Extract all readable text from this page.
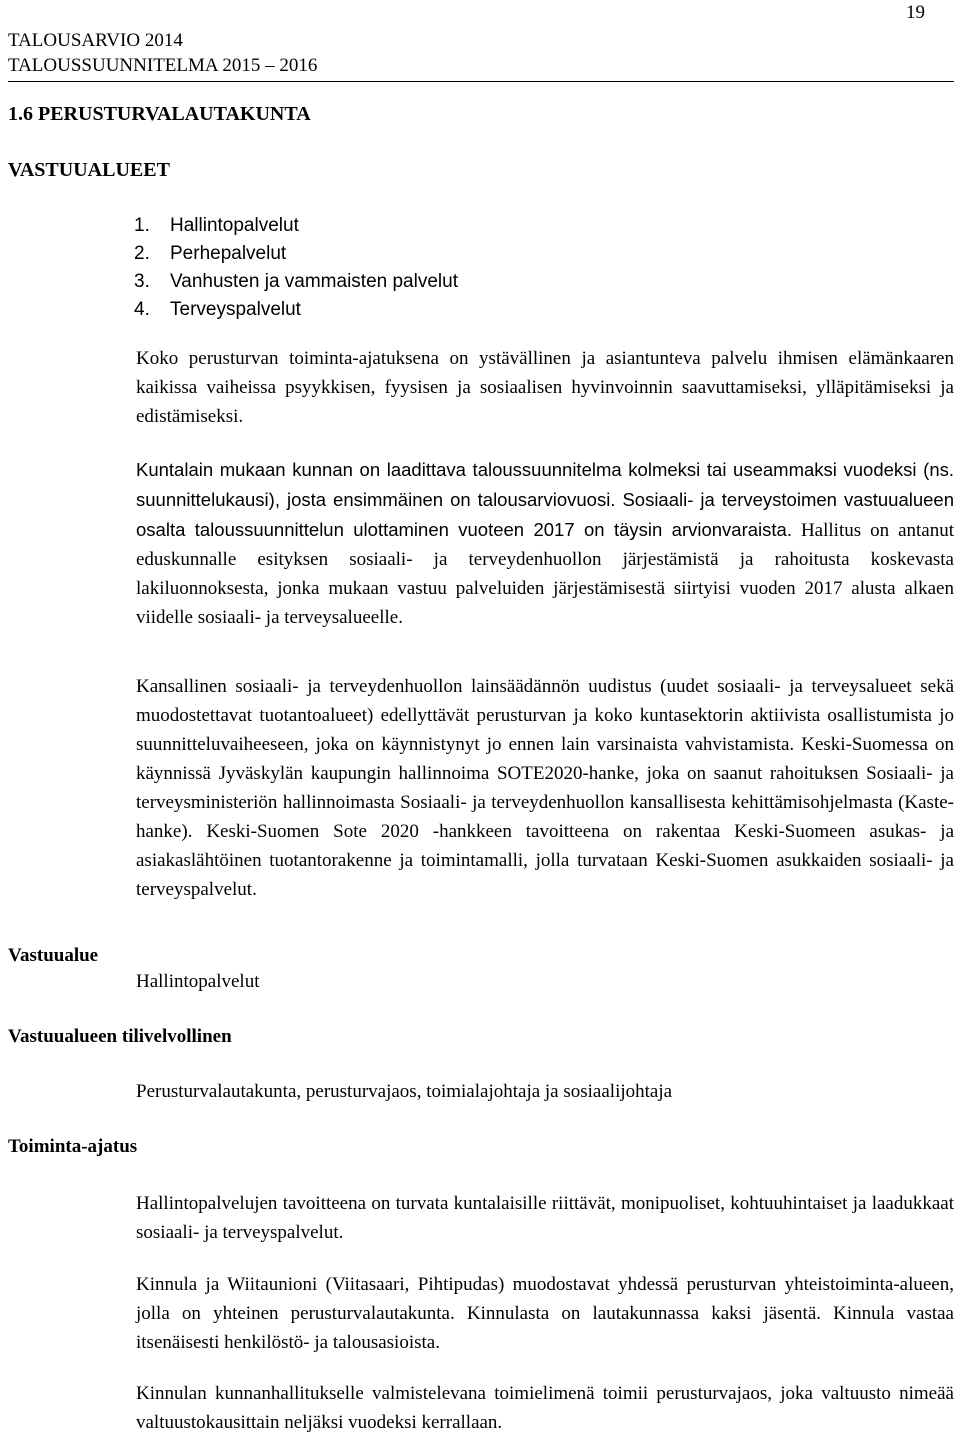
19
TALOUSARVIO 2014
TALOUSSUUNNITELMA 2015 – 2016
1.6 PERUSTURVALAUTAKUNTA
VASTUUALUEET
1. Hallintopalvelut
2. Perhepalvelut
3. Vanhusten ja vammaisten palvelut
4. Terveyspalvelut

Koko perusturvan toiminta-ajatuksena on ystävällinen ja asiantunteva palvelu ihmisen elämänkaaren kaikissa vaiheissa psyykkisen, fyysisen ja sosiaalisen hyvinvoinnin saavuttamiseksi, ylläpitämiseksi ja edistämiseksi.

Kuntalain mukaan kunnan on laadittava taloussuunnitelma kolmeksi tai useammaksi vuodeksi (ns. suunnittelukausi), josta ensimmäinen on talousarviovuosi. Sosiaali- ja terveystoimen vastuualueen osalta taloussuunnittelun ulottaminen vuoteen 2017 on täysin arvionvaraista. Hallitus on antanut eduskunnalle esityksen sosiaali- ja terveydenhuollon järjestämistä ja rahoitusta koskevasta lakiluonnoksesta, jonka mukaan vastuu palveluiden järjestämisestä siirtyisi vuoden 2017 alusta alkaen viidelle sosiaali- ja terveysalueelle.

Kansallinen sosiaali- ja terveydenhuollon lainsäädännön uudistus (uudet sosiaali- ja terveysalueet sekä muodostettavat tuotantoalueet) edellyttävät perusturvan ja koko kuntasektorin aktiivista osallistumista jo suunnitteluvaiheeseen, joka on käynnistynyt jo ennen lain varsinaista vahvistamista. Keski-Suomessa on käynnissä Jyväskylän kaupungin hallinnoima SOTE2020-hanke, joka on saanut rahoituksen Sosiaali- ja terveysministeriön hallinnoimasta Sosiaali- ja terveydenhuollon kansallisesta kehittämisohjelmasta (Kaste-hanke). Keski-Suomen Sote 2020 -hankkeen tavoitteena on rakentaa Keski-Suomeen asukas- ja asiakaslähtöinen tuotantorakenne ja toimintamalli, jolla turvataan Keski-Suomen asukkaiden sosiaali- ja terveyspalvelut.

Vastuualue
Hallintopalvelut
Vastuualueen tilivelvollinen
Perusturvalautakunta, perusturvajaos, toimialajohtaja ja sosiaalijohtaja
Toiminta-ajatus

Hallintopalvelujen tavoitteena on turvata kuntalaisille riittävät, monipuoliset, kohtuuhintaiset ja laadukkaat sosiaali- ja terveyspalvelut.

Kinnula ja Wiitaunioni (Viitasaari, Pihtipudas) muodostavat yhdessä perusturvan yhteistoiminta-alueen, jolla on yhteinen perusturvalautakunta. Kinnulasta on lautakunnassa kaksi jäsentä. Kinnula vastaa itsenäisesti henkilöstö- ja talousasioista.

Kinnulan kunnanhallitukselle valmistelevana toimielimenä toimii perusturvajaos, joka valtuusto nimeää valtuustokausittain neljäksi vuodeksi kerrallaan.
